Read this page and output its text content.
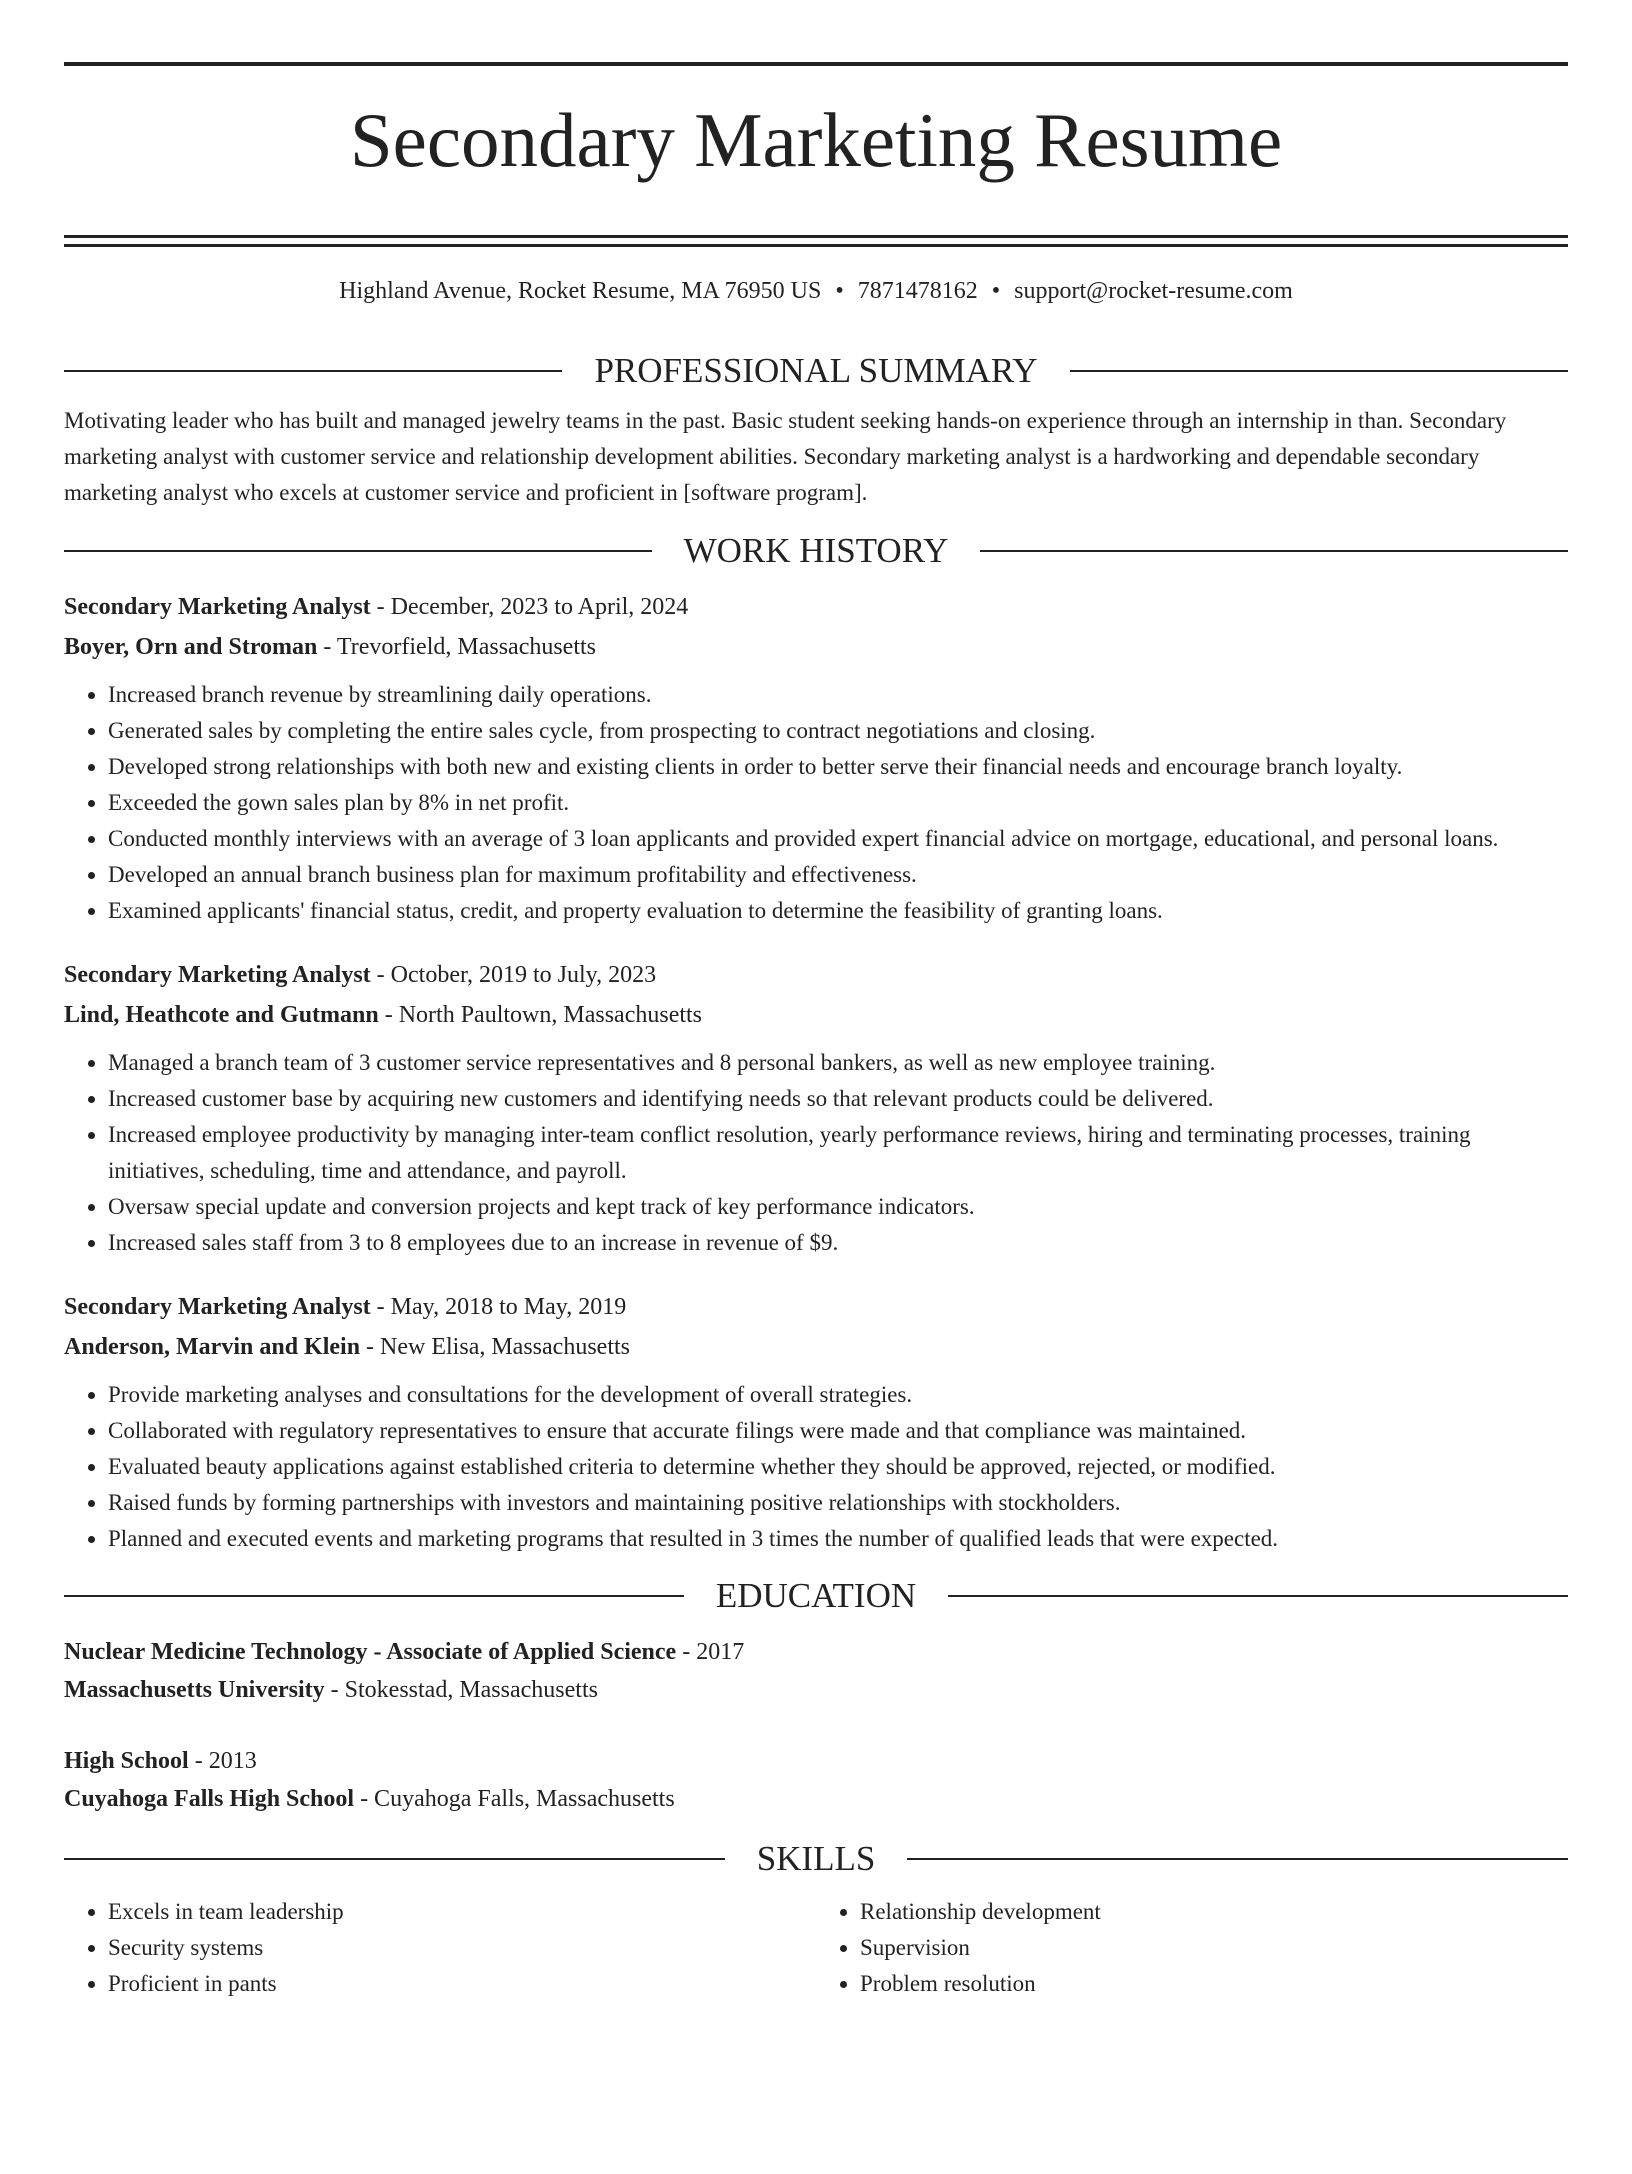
Secondary Marketing Resume
Highland Avenue, Rocket Resume, MA 76950 US • 7871478162 • support@rocket-resume.com
PROFESSIONAL SUMMARY

Motivating leader who has built and managed jewelry teams in the past. Basic student seeking hands-on experience through an internship in than. Secondary marketing analyst with customer service and relationship development abilities. Secondary marketing analyst is a hardworking and dependable secondary marketing analyst who excels at customer service and proficient in [software program].

WORK HISTORY

Secondary Marketing Analyst - December, 2023 to April, 2024

Boyer, Orn and Stroman - Trevorfield, Massachusetts

• Increased branch revenue by streamlining daily operations.
• Generated sales by completing the entire sales cycle, from prospecting to contract negotiations and closing.
• Developed strong relationships with both new and existing clients in order to better serve their financial needs and encourage branch loyalty.
• Exceeded the gown sales plan by 8% in net profit.
• Conducted monthly interviews with an average of 3 loan applicants and provided expert financial advice on mortgage, educational, and personal loans.
• Developed an annual branch business plan for maximum profitability and effectiveness.
• Examined applicants' financial status, credit, and property evaluation to determine the feasibility of granting loans.

Secondary Marketing Analyst - October, 2019 to July, 2023

Lind, Heathcote and Gutmann - North Paultown, Massachusetts

• Managed a branch team of 3 customer service representatives and 8 personal bankers, as well as new employee training.
• Increased customer base by acquiring new customers and identifying needs so that relevant products could be delivered.
• Increased employee productivity by managing inter-team conflict resolution, yearly performance reviews, hiring and terminating processes, training initiatives, scheduling, time and attendance, and payroll.
• Oversaw special update and conversion projects and kept track of key performance indicators.
• Increased sales staff from 3 to 8 employees due to an increase in revenue of $9.

Secondary Marketing Analyst - May, 2018 to May, 2019

Anderson, Marvin and Klein - New Elisa, Massachusetts

• Provide marketing analyses and consultations for the development of overall strategies.
• Collaborated with regulatory representatives to ensure that accurate filings were made and that compliance was maintained.
• Evaluated beauty applications against established criteria to determine whether they should be approved, rejected, or modified.
• Raised funds by forming partnerships with investors and maintaining positive relationships with stockholders.
• Planned and executed events and marketing programs that resulted in 3 times the number of qualified leads that were expected.
EDUCATION

Nuclear Medicine Technology - Associate of Applied Science - 2017

Massachusetts University - Stokesstad, Massachusetts

High School - 2013

Cuyahoga Falls High School - Cuyahoga Falls, Massachusetts

SKILLS
• Excels in team leadership
• Security systems
• Proficient in pants
• Relationship development
• Supervision
• Problem resolution
